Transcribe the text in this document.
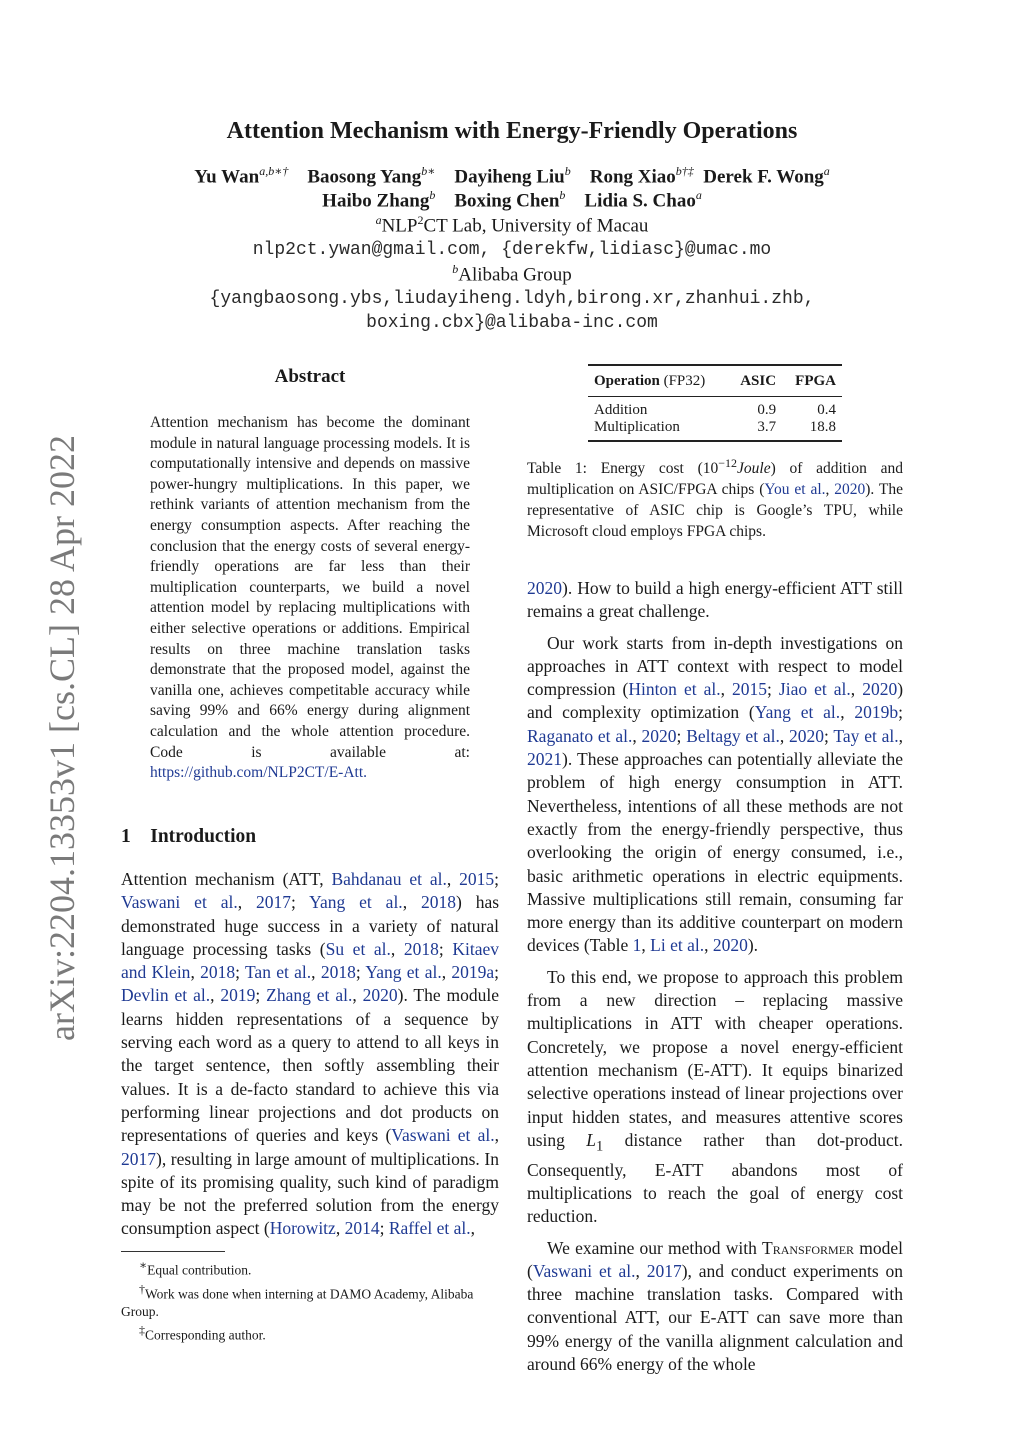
arXiv:2204.13353v1 [cs.CL] 28 Apr 2022
Attention Mechanism with Energy-Friendly Operations
Yu Wan$^{a,b∗\dagger}$ Baosong Yang$^{b∗}$ Dayiheng Liu$^b$ Rong Xiao$^{b\dagger\ddagger}$ Derek F. Wong$^a$
Haibo Zhang$^b$ Boxing Chen$^b$ Lidia S. Chao$^a$
$^a$NLP$^2$CT Lab, University of Macau
nlp2ct.ywan@gmail.com, {derekfw,lidiasc}@umac.mo
$^b$Alibaba Group
{yangbaosong.ybs,liudayiheng.ldyh,birong.xr,zhanhui.zhb,
boxing.cbx}@alibaba-inc.com
Abstract
Attention mechanism has become the dominant module in natural language processing models. It is computationally intensive and depends on massive power-hungry multiplications. In this paper, we rethink variants of attention mechanism from the energy consumption aspects. After reaching the conclusion that the energy costs of several energy-friendly operations are far less than their multiplication counterparts, we build a novel attention model by replacing multiplications with either selective operations or additions. Empirical results on three machine translation tasks demonstrate that the proposed model, against the vanilla one, achieves competitable accuracy while saving 99% and 66% energy during alignment calculation and the whole attention procedure. Code is available at: https://github.com/NLP2CT/E-Att.
1 Introduction

Attention mechanism (ATT, Bahdanau et al., 2015; Vaswani et al., 2017; Yang et al., 2018) has demonstrated huge success in a variety of natural language processing tasks (Su et al., 2018; Kitaev and Klein, 2018; Tan et al., 2018; Yang et al., 2019a; Devlin et al., 2019; Zhang et al., 2020). The module learns hidden representations of a sequence by serving each word as a query to attend to all keys in the target sentence, then softly assembling their values. It is a de-facto standard to achieve this via performing linear projections and dot products on representations of queries and keys (Vaswani et al., 2017), resulting in large amount of multiplications. In spite of its promising quality, such kind of paradigm may be not the preferred solution from the energy consumption aspect (Horowitz, 2014; Raffel et al.,

∗Equal contribution.
†Work was done when interning at DAMO Academy, Alibaba Group.
‡Corresponding author.
Operation (FP32)	ASIC	FPGA
Addition	0.9	0.4
Multiplication	3.7	18.8
Table 1: Energy cost $(10^{-12}Joule)$ of addition and multiplication on ASIC/FPGA chips (You et al., 2020). The representative of ASIC chip is Google’s TPU, while Microsoft cloud employs FPGA chips.

2020). How to build a high energy-efficient ATT still remains a great challenge.

Our work starts from in-depth investigations on approaches in ATT context with respect to model compression (Hinton et al., 2015; Jiao et al., 2020) and complexity optimization (Yang et al., 2019b; Raganato et al., 2020; Beltagy et al., 2020; Tay et al., 2021). These approaches can potentially alleviate the problem of high energy consumption in ATT. Nevertheless, intentions of all these methods are not exactly from the energy-friendly perspective, thus overlooking the origin of energy consumed, i.e., basic arithmetic operations in electric equipments. Massive multiplications still remain, consuming far more energy than its additive counterpart on modern devices (Table 1, Li et al., 2020).

To this end, we propose to approach this problem from a new direction – replacing massive multiplications in ATT with cheaper operations. Concretely, we propose a novel energy-efficient attention mechanism (E-ATT). It equips binarized selective operations instead of linear projections over input hidden states, and measures attentive scores using $L_1$ distance rather than dot-product. Consequently, E-ATT abandons most of multiplications to reach the goal of energy cost reduction.

We examine our method with Transformer model (Vaswani et al., 2017), and conduct experiments on three machine translation tasks. Compared with conventional ATT, our E-ATT can save more than 99% energy of the vanilla alignment calculation and around 66% energy of the whole
